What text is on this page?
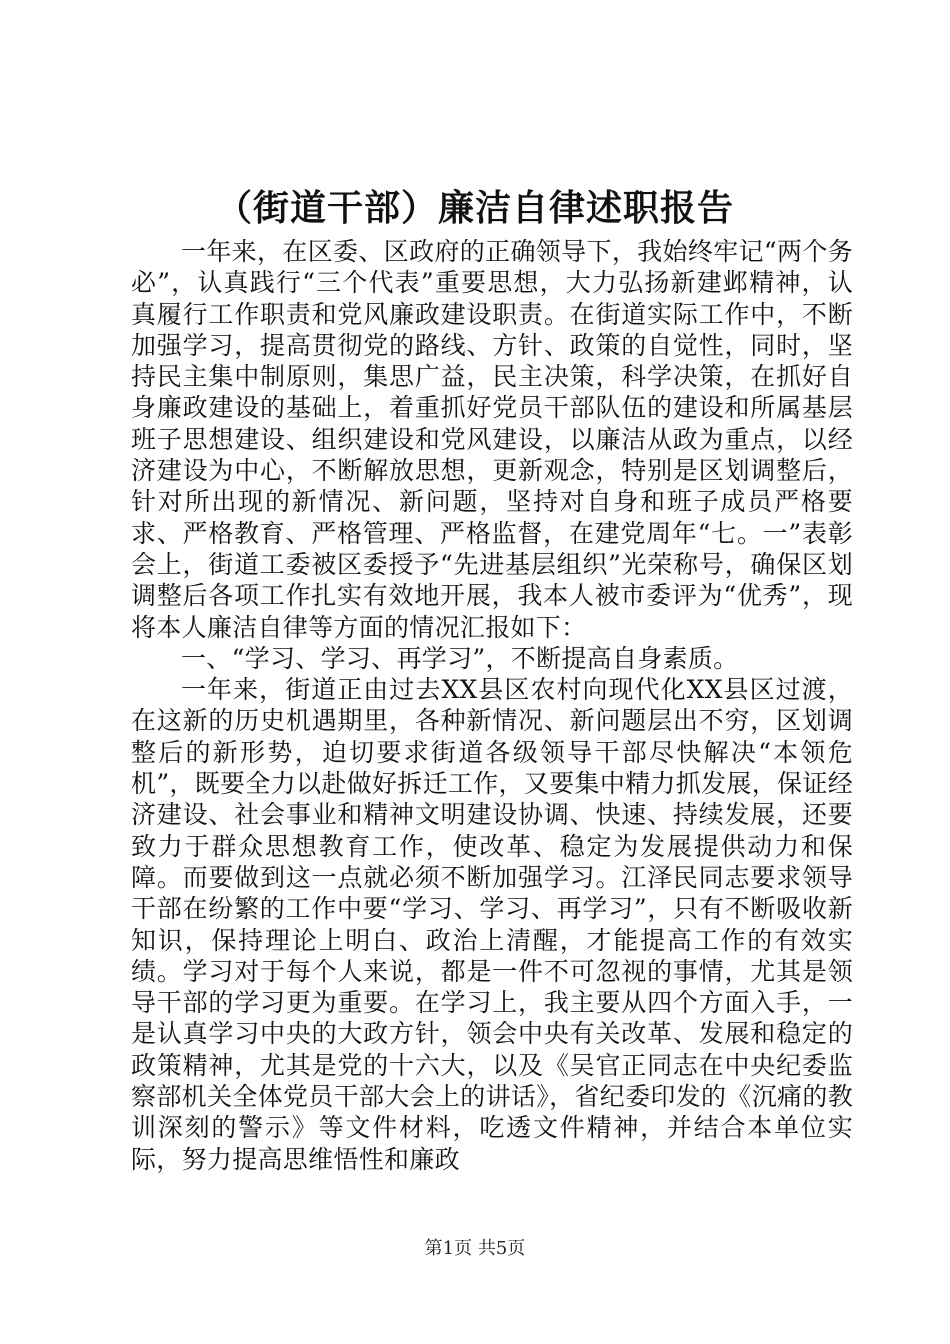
（街道干部）廉洁自律述职报告

一年来，在区委、区政府的正确领导下，我始终牢记“两个务必”，认真践行“三个代表”重要思想，大力弘扬新建邺精神，认真履行工作职责和党风廉政建设职责。在街道实际工作中，不断加强学习，提高贯彻党的路线、方针、政策的自觉性，同时，坚持民主集中制原则，集思广益，民主决策，科学决策，在抓好自身廉政建设的基础上，着重抓好党员干部队伍的建设和所属基层班子思想建设、组织建设和党风建设，以廉洁从政为重点，以经济建设为中心，不断解放思想，更新观念，特别是区划调整后，针对所出现的新情况、新问题，坚持对自身和班子成员严格要求、严格教育、严格管理、严格监督，在建党周年“七。一”表彰会上，街道工委被区委授予“先进基层组织”光荣称号，确保区划调整后各项工作扎实有效地开展，我本人被市委评为“优秀”，现将本人廉洁自律等方面的情况汇报如下：

一、“学习、学习、再学习”，不断提高自身素质。

一年来，街道正由过去XX县区农村向现代化XX县区过渡，在这新的历史机遇期里，各种新情况、新问题层出不穷，区划调整后的新形势，迫切要求街道各级领导干部尽快解决“本领危机”，既要全力以赴做好拆迁工作，又要集中精力抓发展，保证经济建设、社会事业和精神文明建设协调、快速、持续发展，还要致力于群众思想教育工作，使改革、稳定为发展提供动力和保障。而要做到这一点就必须不断加强学习。江泽民同志要求领导干部在纷繁的工作中要“学习、学习、再学习”，只有不断吸收新知识，保持理论上明白、政治上清醒，才能提高工作的有效实绩。学习对于每个人来说，都是一件不可忽视的事情，尤其是领导干部的学习更为重要。在学习上，我主要从四个方面入手，一是认真学习中央的大政方针，领会中央有关改革、发展和稳定的政策精神，尤其是党的十六大，以及《吴官正同志在中央纪委监察部机关全体党员干部大会上的讲话》，省纪委印发的《沉痛的教训深刻的警示》等文件材料，吃透文件精神，并结合本单位实际，努力提高思维悟性和廉政

第1页 共5页
